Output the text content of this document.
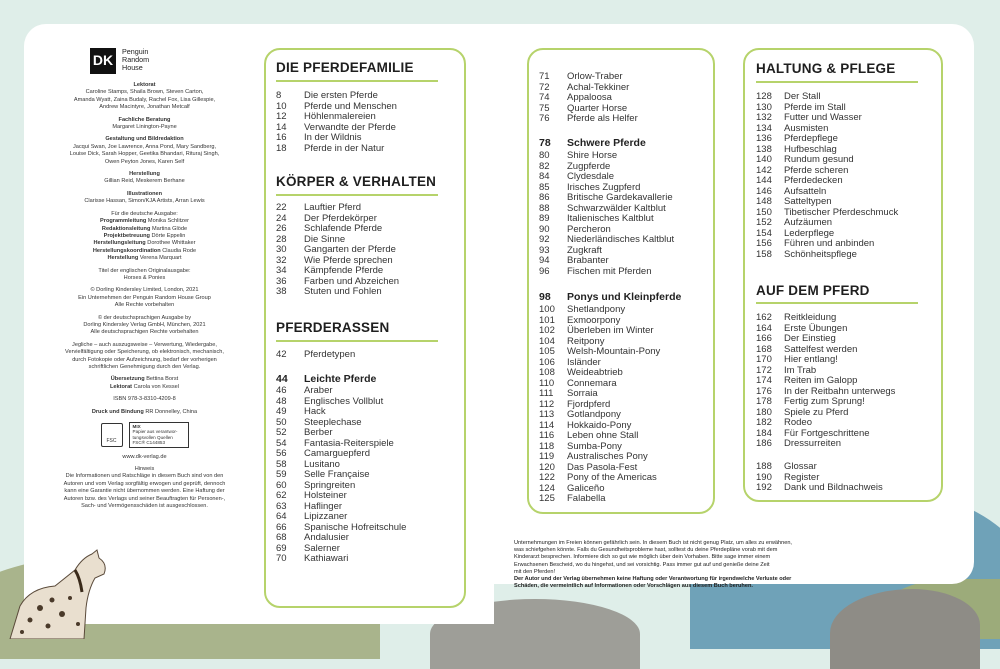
DK
Penguin
Random
House
Lektorat
Caroline Stamps, Shaila Brown, Steven Carton,
Amanda Wyatt, Zaina Budaly, Rachel Fox, Lisa Gillespie,
Andrew Macintyre, Jonathan Metcalf
Fachliche Beratung
Margaret Linington-Payne
Gestaltung und Bildredaktion
Jacqui Swan, Joe Lawrence, Anna Pond, Mary Sandberg,
Louise Dick, Sarah Hopper, Geetika Bhandari, Rituraj Singh,
Owen Peyton Jones, Karen Self
Herstellung
Gillian Reid, Meskerem Berhane
Illustrationen
Clarisse Hassan, Simon/KJA Artists, Arran Lewis
Für die deutsche Ausgabe:
Programmleitung Monika Schlitzer
Redaktionsleitung Martina Glöde
Projektbetreuung Dörte Eppelin
Herstellungsleitung Dorothee Whittaker
Herstellungskoordination Claudia Rode
Herstellung Verena Marquart
Titel der englischen Originalausgabe:
Horses & Ponies
© Dorling Kindersley Limited, London, 2021
Ein Unternehmen der Penguin Random House Group
Alle Rechte vorbehalten
© der deutschsprachigen Ausgabe by
Dorling Kindersley Verlag GmbH, München, 2021
Alle deutschsprachigen Rechte vorbehalten
Jegliche – auch auszugsweise – Verwertung, Wiedergabe,
Vervielfältigung oder Speicherung, ob elektronisch, mechanisch,
durch Fotokopie oder Aufzeichnung, bedarf der vorherigen
schriftlichen Genehmigung durch den Verlag.
Übersetzung Bettina Borst
Lektorat Carola von Kessel
ISBN 978-3-8310-4209-8
Druck und Bindung RR Donnelley, China
FSC
MIX
Papier aus verantwor-tungsvollen Quellen
FSC® C144853
www.dk-verlag.de
Hinweis
Die Informationen und Ratschläge in diesem Buch sind von den
Autoren und vom Verlag sorgfältig erwogen und geprüft, dennoch
kann eine Garantie nicht übernommen werden. Eine Haftung der
Autoren bzw. des Verlags und seiner Beauftragten für Personen-,
Sach- und Vermögensschäden ist ausgeschlossen.
DIE PFERDEFAMILIE
8	Die ersten Pferde
10	Pferde und Menschen
12	Höhlenmalereien
14	Verwandte der Pferde
16	In der Wildnis
18	Pferde in der Natur
KÖRPER & VERHALTEN
22	Lauftier Pferd
24	Der Pferdekörper
26	Schlafende Pferde
28	Die Sinne
30	Gangarten der Pferde
32	Wie Pferde sprechen
34	Kämpfende Pferde
36	Farben und Abzeichen
38	Stuten und Fohlen
PFERDERASSEN
42	Pferdetypen
44	Leichte Pferde
46	Araber
48	Englisches Vollblut
49	Hack
50	Steeplechase
52	Berber
54	Fantasia-Reiterspiele
56	Camarguepferd
58	Lusitano
59	Selle Française
60	Springreiten
62	Holsteiner
63	Haflinger
64	Lipizzaner
66	Spanische Hofreitschule
68	Andalusier
69	Salerner
70	Kathiawari
71	Orlow-Traber
72	Achal-Tekkiner
74	Appaloosa
75	Quarter Horse
76	Pferde als Helfer
78	Schwere Pferde
80	Shire Horse
82	Zugpferde
84	Clydesdale
85	Irisches Zugpferd
86	Britische Gardekavallerie
88	Schwarzwälder Kaltblut
89	Italienisches Kaltblut
90	Percheron
92	Niederländisches Kaltblut
93	Zugkraft
94	Brabanter
96	Fischen mit Pferden
98	Ponys und Kleinpferde
100	Shetlandpony
101	Exmoorpony
102	Überleben im Winter
104	Reitpony
105	Welsh-Mountain-Pony
106	Isländer
108	Weideabtrieb
110	Connemara
111	Sorraia
112	Fjordpferd
113	Gotlandpony
114	Hokkaido-Pony
116	Leben ohne Stall
118	Sumba-Pony
119	Australisches Pony
120	Das Pasola-Fest
122	Pony of the Americas
124	Galiceño
125	Falabella
HALTUNG & PFLEGE
128	Der Stall
130	Pferde im Stall
132	Futter und Wasser
134	Ausmisten
136	Pferdepflege
138	Hufbeschlag
140	Rundum gesund
142	Pferde scheren
144	Pferdedecken
146	Aufsatteln
148	Satteltypen
150	Tibetischer Pferdeschmuck
152	Aufzäumen
154	Lederpflege
156	Führen und anbinden
158	Schönheitspflege
AUF DEM PFERD
162	Reitkleidung
164	Erste Übungen
166	Der Einstieg
168	Sattelfest werden
170	Hier entlang!
172	Im Trab
174	Reiten im Galopp
176	In der Reitbahn unterwegs
178	Fertig zum Sprung!
180	Spiele zu Pferd
182	Rodeo
184	Für Fortgeschrittene
186	Dressurreiten
188	Glossar
190	Register
192	Dank und Bildnachweis
Unternehmungen im Freien können gefährlich sein. In diesem Buch ist nicht genug Platz, um alles zu erwähnen,
was schiefgehen könnte. Falls du Gesundheitsprobleme hast, solltest du deine Pferdepläne vorab mit dem
Kinderarzt besprechen. Informiere dich so gut wie möglich über dein Vorhaben. Bitte sage immer einem
Erwachsenen Bescheid, wo du hingehst, und sei vorsichtig. Pass immer gut auf und genieße deine Zeit
mit den Pferden!
Der Autor und der Verlag übernehmen keine Haftung oder Verantwortung für irgendwelche Verluste oder
Schäden, die vermeintlich auf Informationen oder Vorschlägen aus diesem Buch beruhen.
